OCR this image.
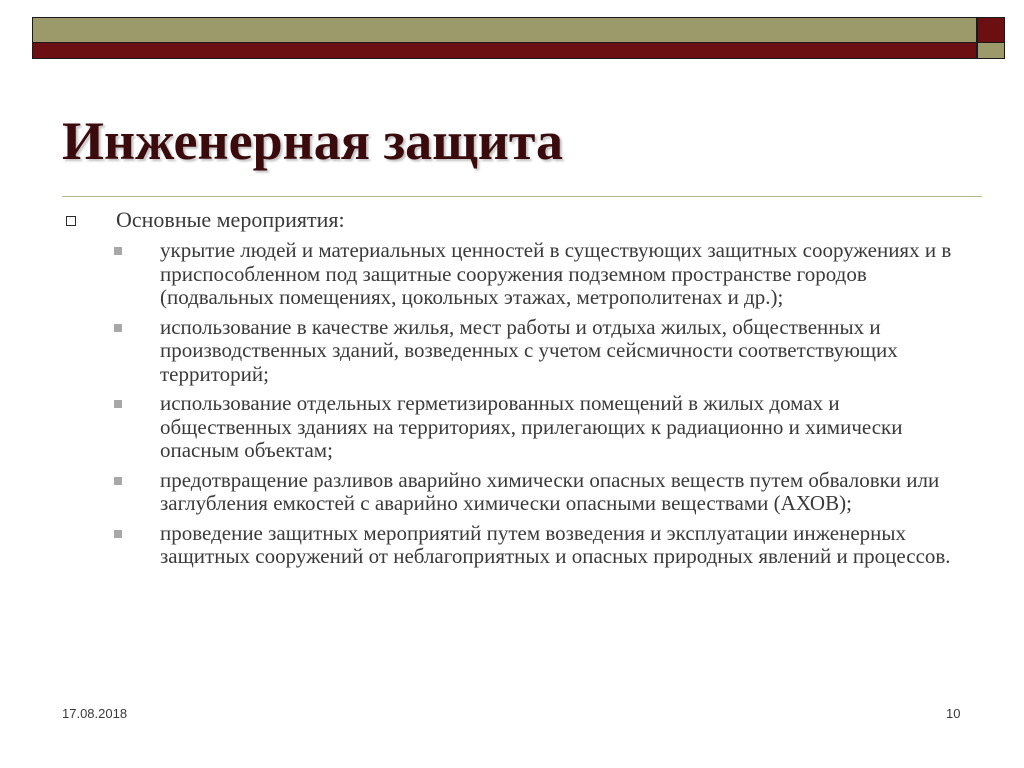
Инженерная защита
Основные мероприятия:
укрытие людей и материальных ценностей в существующих защитных сооружениях и в приспособленном под защитные сооружения подземном пространстве городов (подвальных помещениях, цокольных этажах, метрополитенах и др.);
использование в качестве жилья, мест работы и отдыха жилых, общественных и производственных зданий, возведенных с учетом сейсмичности соответствующих территорий;
использование отдельных герметизированных помещений в жилых домах и общественных зданиях на территориях, прилегающих к радиационно и химически опасным объектам;
предотвращение разливов аварийно химически опасных веществ путем обваловки или заглубления емкостей с аварийно химически опасными веществами (АХОВ);
проведение защитных мероприятий путем возведения и эксплуатации инженерных защитных сооружений от неблагоприятных и опасных природных явлений и процессов.
17.08.2018	10
